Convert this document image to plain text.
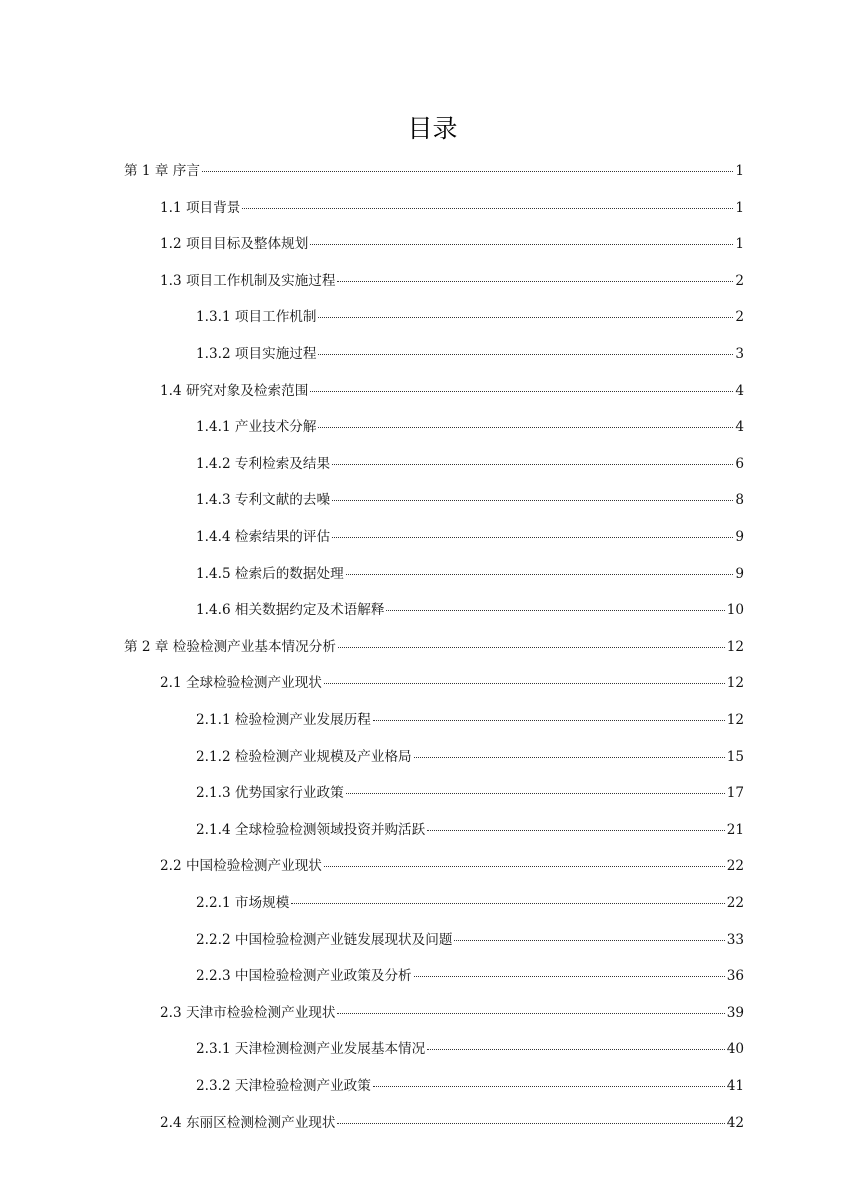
目录
第 1 章 序言	1
1.1 项目背景	1
1.2 项目目标及整体规划	1
1.3 项目工作机制及实施过程	2
1.3.1 项目工作机制	2
1.3.2 项目实施过程	3
1.4 研究对象及检索范围	4
1.4.1 产业技术分解	4
1.4.2 专利检索及结果	6
1.4.3 专利文献的去噪	8
1.4.4 检索结果的评估	9
1.4.5 检索后的数据处理	9
1.4.6 相关数据约定及术语解释	10
第 2 章 检验检测产业基本情况分析	12
2.1 全球检验检测产业现状	12
2.1.1 检验检测产业发展历程	12
2.1.2 检验检测产业规模及产业格局	15
2.1.3 优势国家行业政策	17
2.1.4 全球检验检测领域投资并购活跃	21
2.2 中国检验检测产业现状	22
2.2.1 市场规模	22
2.2.2 中国检验检测产业链发展现状及问题	33
2.2.3 中国检验检测产业政策及分析	36
2.3 天津市检验检测产业现状	39
2.3.1 天津检测检测产业发展基本情况	40
2.3.2 天津检验检测产业政策	41
2.4 东丽区检测检测产业现状	42
